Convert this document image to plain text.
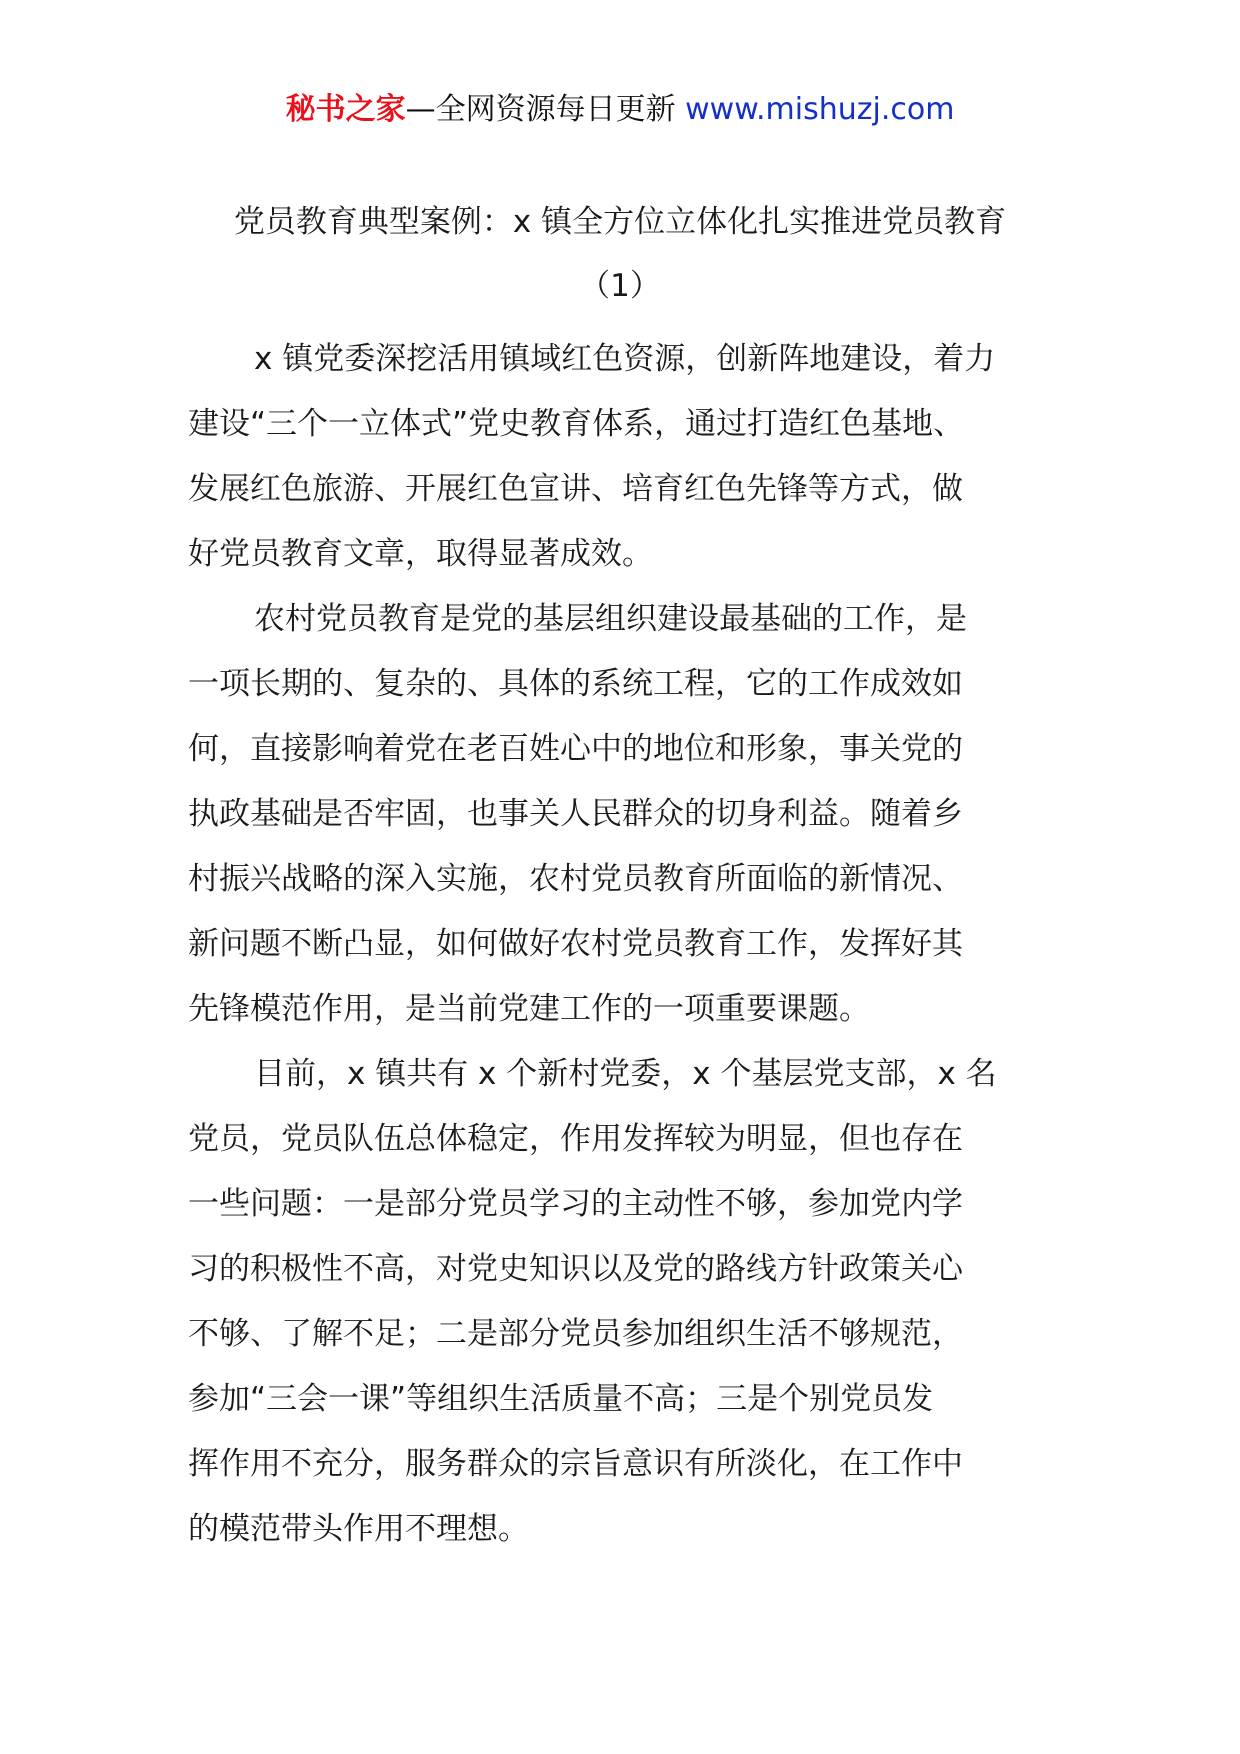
秘书之家—全网资源每日更新 www.mishuzj.com
党员教育典型案例：x 镇全方位立体化扎实推进党员教育
（1）

x 镇党委深挖活用镇域红色资源，创新阵地建设，着力
建设“三个一立体式”党史教育体系，通过打造红色基地、
发展红色旅游、开展红色宣讲、培育红色先锋等方式，做
好党员教育文章，取得显著成效。

农村党员教育是党的基层组织建设最基础的工作，是
一项长期的、复杂的、具体的系统工程，它的工作成效如
何，直接影响着党在老百姓心中的地位和形象，事关党的
执政基础是否牢固，也事关人民群众的切身利益。随着乡
村振兴战略的深入实施，农村党员教育所面临的新情况、
新问题不断凸显，如何做好农村党员教育工作，发挥好其
先锋模范作用，是当前党建工作的一项重要课题。

目前，x 镇共有 x 个新村党委，x 个基层党支部，x 名
党员，党员队伍总体稳定，作用发挥较为明显，但也存在
一些问题：一是部分党员学习的主动性不够，参加党内学
习的积极性不高，对党史知识以及党的路线方针政策关心
不够、了解不足；二是部分党员参加组织生活不够规范，
参加“三会一课”等组织生活质量不高；三是个别党员发
挥作用不充分，服务群众的宗旨意识有所淡化，在工作中
的模范带头作用不理想。
